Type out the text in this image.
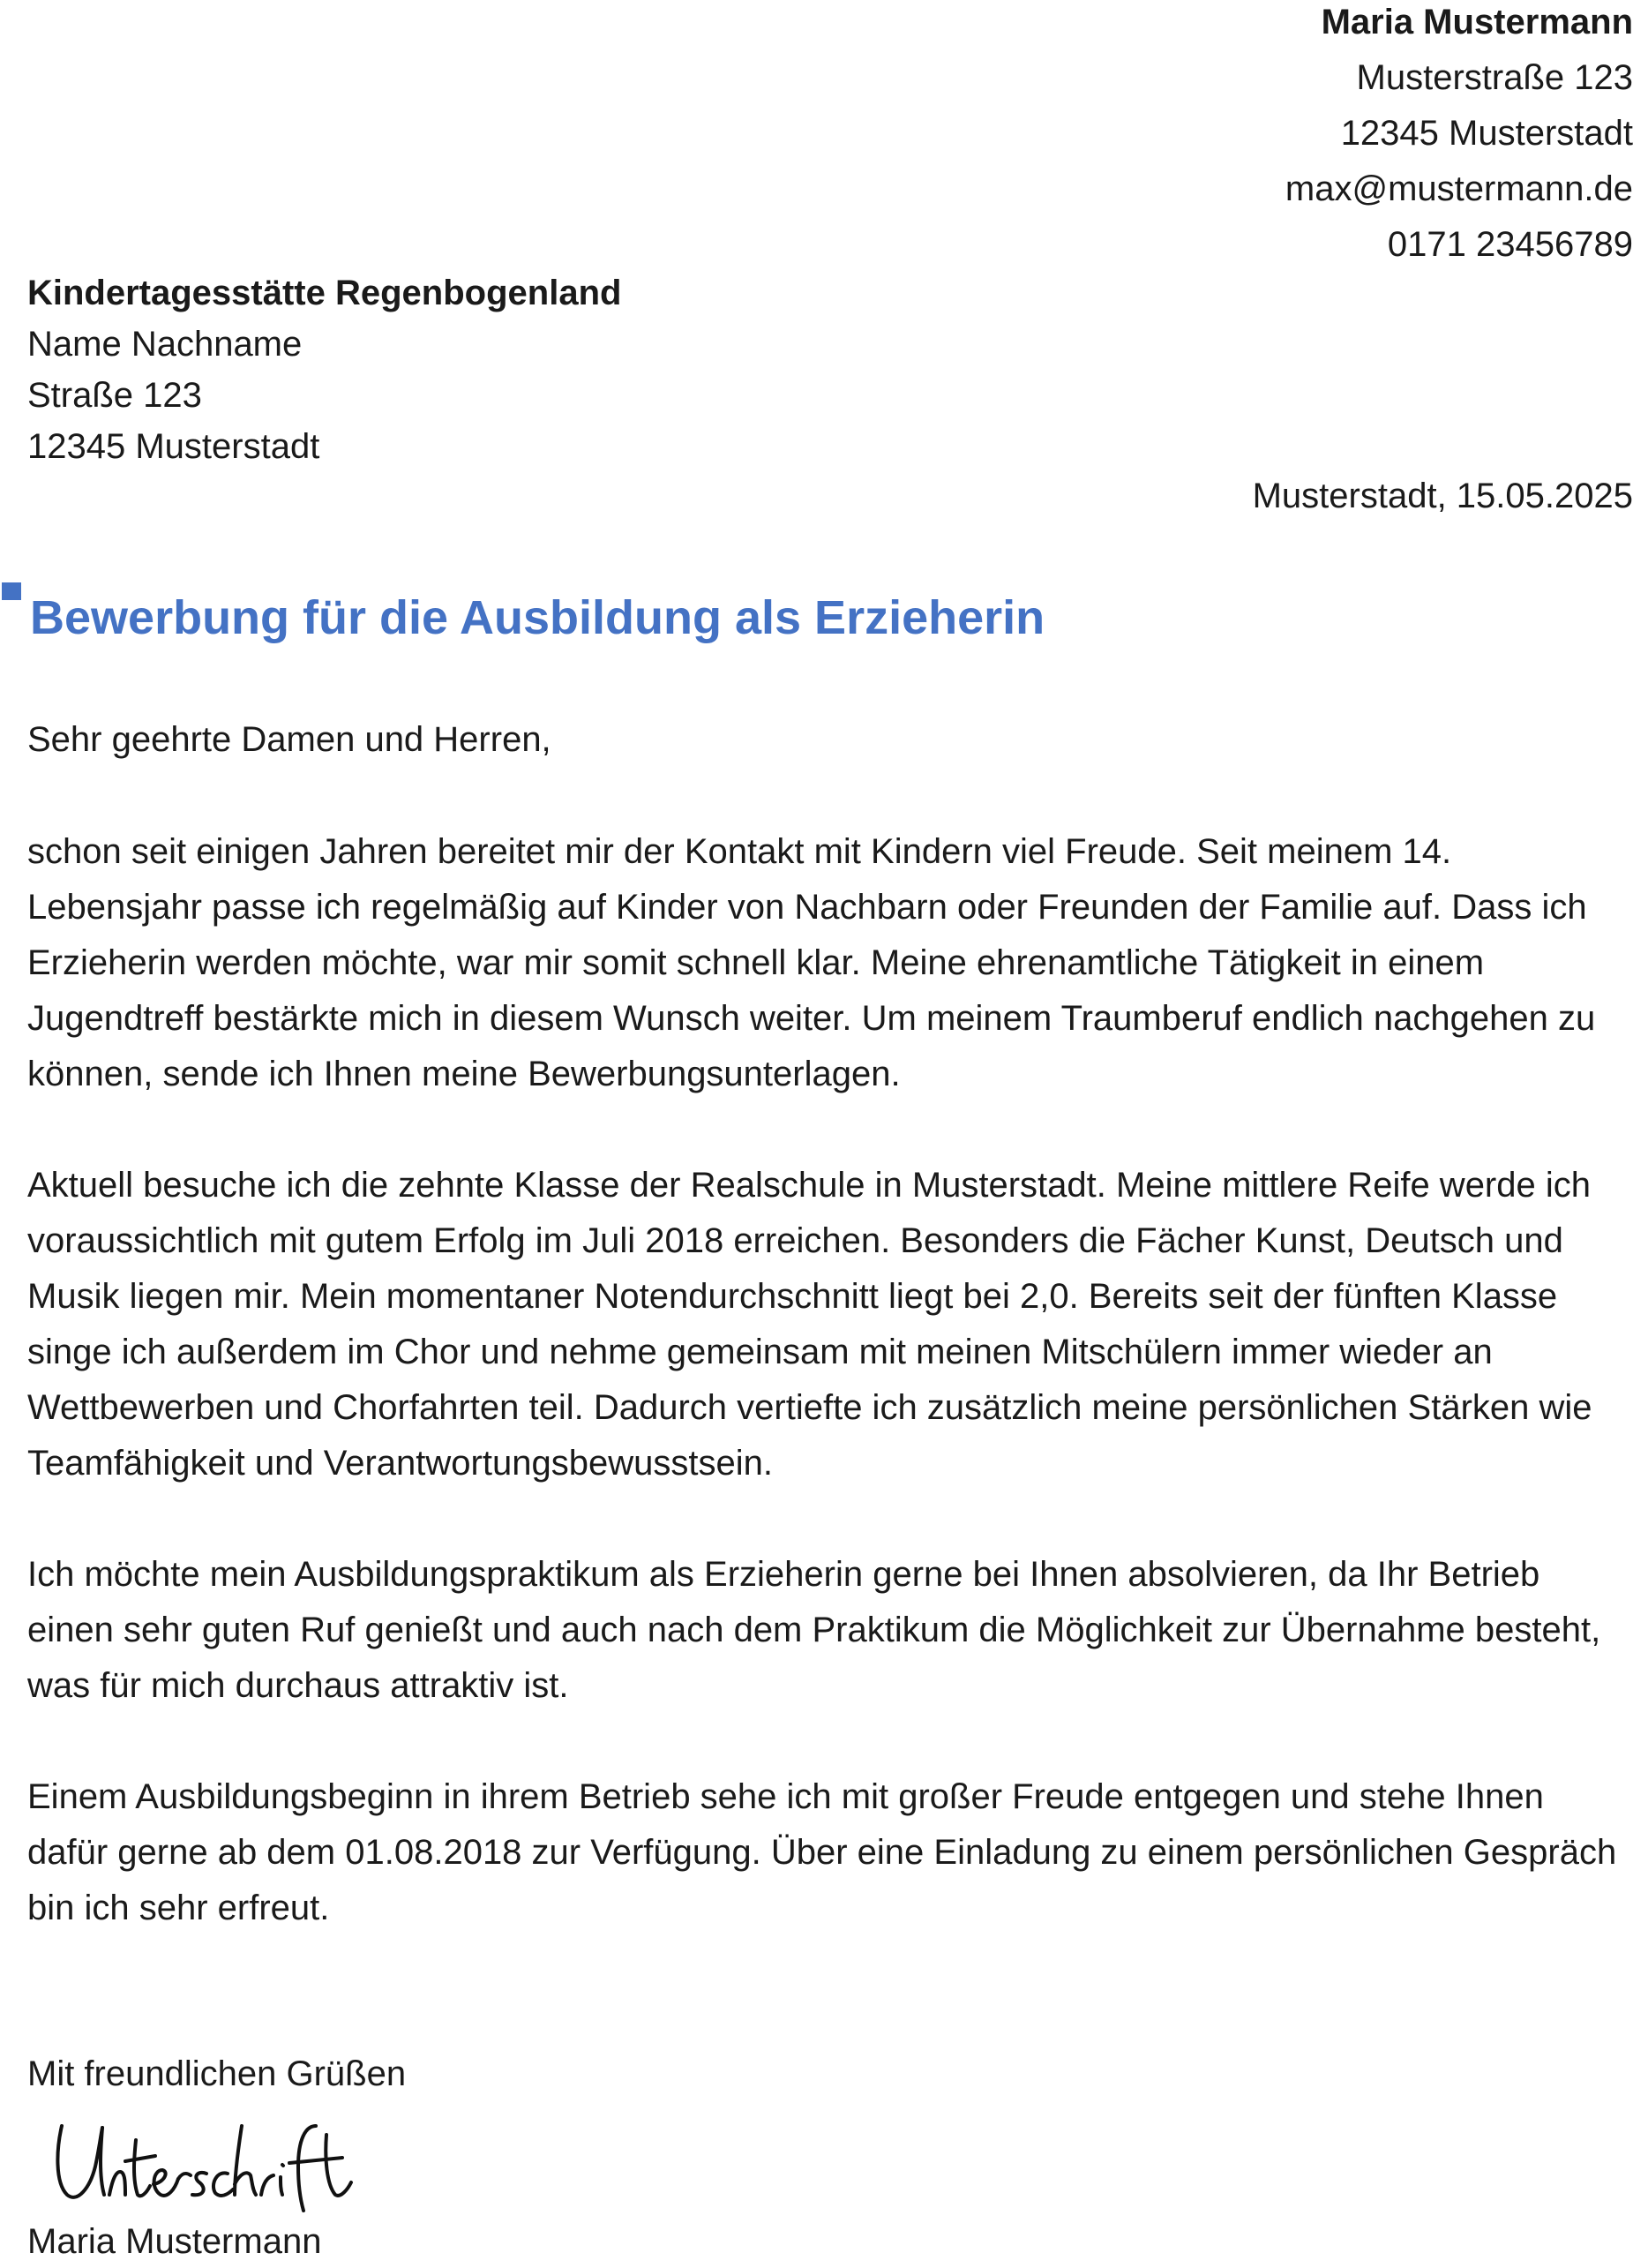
Maria Mustermann
Musterstraße 123
12345 Musterstadt
max@mustermann.de
0171 23456789
Kindertagesstätte Regenbogenland
Name Nachname
Straße 123
12345 Musterstadt
Musterstadt, 15.05.2025
Bewerbung für die Ausbildung als Erzieherin
Sehr geehrte Damen und Herren,

schon seit einigen Jahren bereitet mir der Kontakt mit Kindern viel Freude. Seit meinem 14. Lebensjahr passe ich regelmäßig auf Kinder von Nachbarn oder Freunden der Familie auf. Dass ich Erzieherin werden möchte, war mir somit schnell klar. Meine ehrenamtliche Tätigkeit in einem Jugendtreff bestärkte mich in diesem Wunsch weiter. Um meinem Traumberuf endlich nachgehen zu können, sende ich Ihnen meine Bewerbungsunterlagen.

Aktuell besuche ich die zehnte Klasse der Realschule in Musterstadt. Meine mittlere Reife werde ich voraussichtlich mit gutem Erfolg im Juli 2018 erreichen. Besonders die Fächer Kunst, Deutsch und Musik liegen mir. Mein momentaner Notendurchschnitt liegt bei 2,0. Bereits seit der fünften Klasse singe ich außerdem im Chor und nehme gemeinsam mit meinen Mitschülern immer wieder an Wettbewerben und Chorfahrten teil. Dadurch vertiefte ich zusätzlich meine persönlichen Stärken wie Teamfähigkeit und Verantwortungsbewusstsein.

Ich möchte mein Ausbildungspraktikum als Erzieherin gerne bei Ihnen absolvieren, da Ihr Betrieb einen sehr guten Ruf genießt und auch nach dem Praktikum die Möglichkeit zur Übernahme besteht, was für mich durchaus attraktiv ist.

Einem Ausbildungsbeginn in ihrem Betrieb sehe ich mit großer Freude entgegen und stehe Ihnen dafür gerne ab dem 01.08.2018 zur Verfügung. Über eine Einladung zu einem persönlichen Gespräch bin ich sehr erfreut.

Mit freundlichen Grüßen
Maria Mustermann
